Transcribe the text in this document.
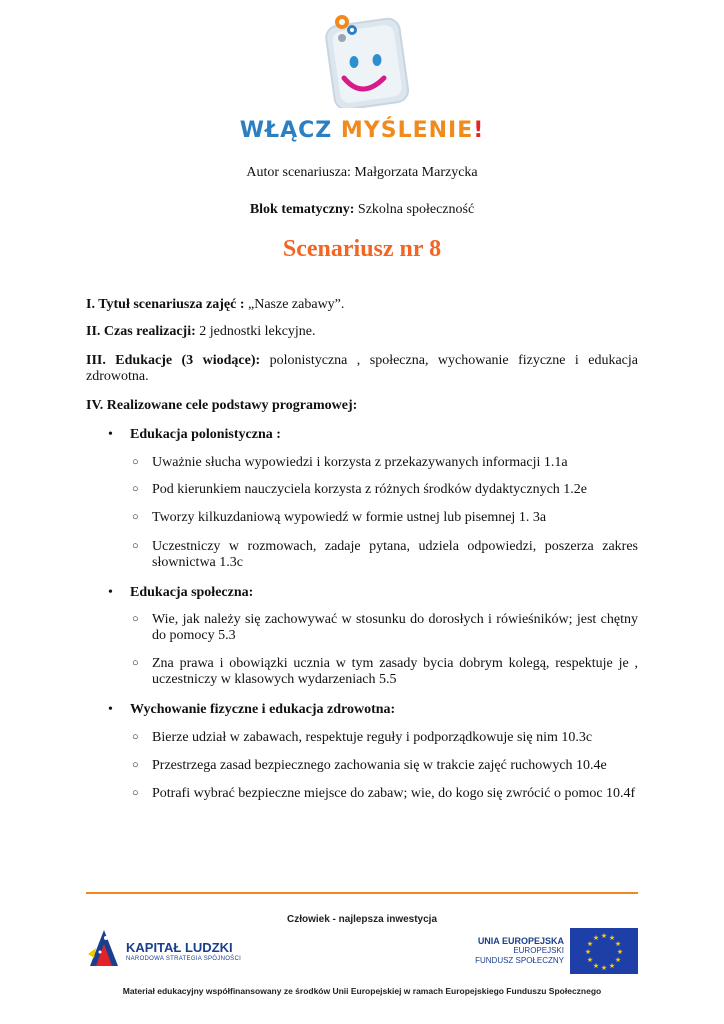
WŁĄCZ MYŚLENIE!
Autor scenariusza: Małgorzata Marzycka
Blok tematyczny: Szkolna społeczność
Scenariusz nr 8
I. Tytuł scenariusza zajęć : „Nasze zabawy”.
II. Czas realizacji: 2 jednostki lekcyjne.
III. Edukacje (3 wiodące): polonistyczna , społeczna, wychowanie fizyczne i edukacja zdrowotna.
IV. Realizowane cele podstawy programowej:
• Edukacja polonistyczna :
○ Uważnie słucha wypowiedzi i korzysta z przekazywanych informacji 1.1a
○ Pod kierunkiem nauczyciela korzysta z różnych środków dydaktycznych 1.2e
○ Tworzy kilkuzdaniową wypowiedź w formie ustnej lub pisemnej 1. 3a
○ Uczestniczy w rozmowach, zadaje pytana, udziela odpowiedzi, poszerza zakres słownictwa 1.3c
• Edukacja społeczna:
○ Wie, jak należy się zachowywać w stosunku do dorosłych i rówieśników; jest chętny do pomocy 5.3
○ Zna prawa i obowiązki ucznia w tym zasady bycia dobrym kolegą, respektuje je , uczestniczy w klasowych wydarzeniach 5.5
• Wychowanie fizyczne i edukacja zdrowotna:
○ Bierze udział w zabawach, respektuje reguły i podporządkowuje się nim 10.3c
○ Przestrzega zasad bezpiecznego zachowania się w trakcie zajęć ruchowych 10.4e
○ Potrafi wybrać bezpieczne miejsce do zabaw; wie, do kogo się zwrócić o pomoc 10.4f
Człowiek - najlepsza inwestycja
KAPITAŁ LUDZKI
NARODOWA STRATEGIA SPÓJNOŚCI
UNIA EUROPEJSKA
EUROPEJSKI
FUNDUSZ SPOŁECZNY
★ ★
★
★
★
★
★
★
★
★
★
★
Materiał edukacyjny współfinansowany ze środków Unii Europejskiej w ramach Europejskiego Funduszu Społecznego
